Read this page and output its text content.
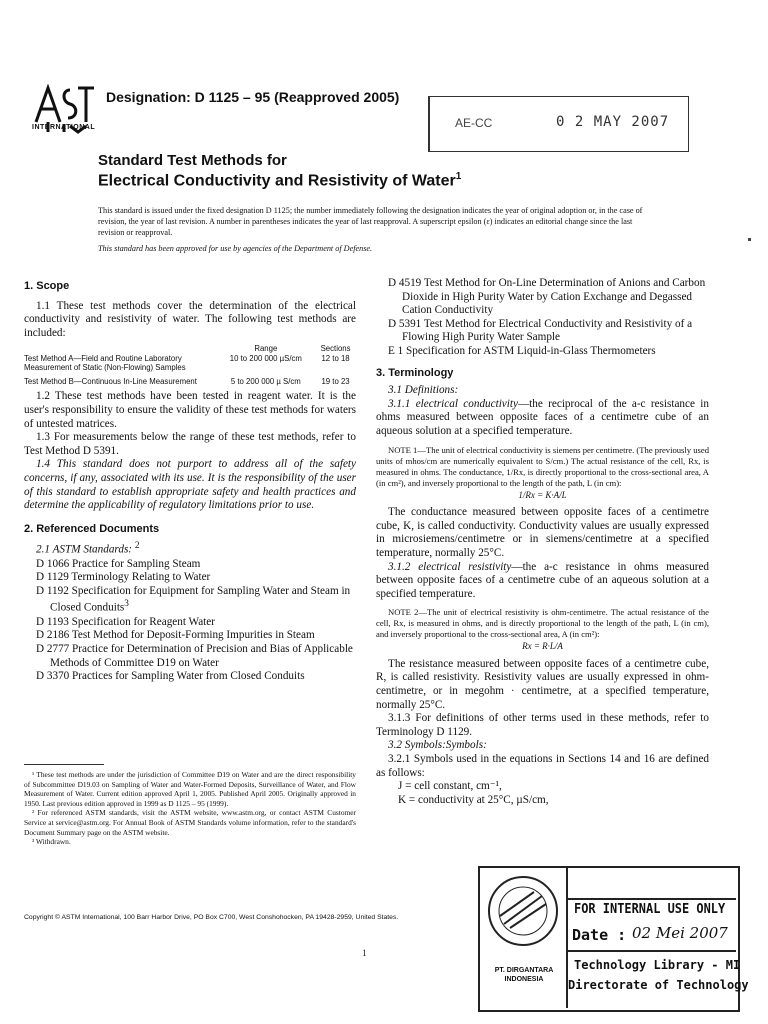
INTERNATIONAL
Designation: D 1125 – 95 (Reapproved 2005)
AE-CC	0 2 MAY 2007
Standard Test Methods for
Electrical Conductivity and Resistivity of Water$^1$
This standard is issued under the fixed designation D 1125; the number immediately following the designation indicates the year of original adoption or, in the case of revision, the year of last revision. A number in parentheses indicates the year of last reapproval. A superscript epsilon (ε) indicates an editorial change since the last revision or reapproval.
This standard has been approved for use by agencies of the Department of Defense.

1. Scope

1.1 These test methods cover the determination of the electrical conductivity and resistivity of water. The following test methods are included:

	Range	Sections
Test Method A—Field and Routine Laboratory Measurement of Static (Non-Flowing) Samples	10 to 200 000 µS/cm	12 to 18
Test Method B—Continuous In-Line Measurement	5 to 200 000 µ S/cm	19 to 23

1.2 These test methods have been tested in reagent water. It is the user's responsibility to ensure the validity of these test methods for waters of untested matrices.

1.3 For measurements below the range of these test methods, refer to Test Method D 5391.

1.4 This standard does not purport to address all of the safety concerns, if any, associated with its use. It is the responsibility of the user of this standard to establish appropriate safety and health practices and determine the applicability of regulatory limitations prior to use.

2. Referenced Documents

2.1 ASTM Standards: $^2$

D 1066 Practice for Sampling Steam

D 1129 Terminology Relating to Water

D 1192 Specification for Equipment for Sampling Water and Steam in Closed Conduits$^3$

D 1193 Specification for Reagent Water

D 2186 Test Method for Deposit-Forming Impurities in Steam

D 2777 Practice for Determination of Precision and Bias of Applicable Methods of Committee D19 on Water

D 3370 Practices for Sampling Water from Closed Conduits

¹ These test methods are under the jurisdiction of Committee D19 on Water and are the direct responsibility of Subcommittee D19.03 on Sampling of Water and Water-Formed Deposits, Surveillance of Water, and Flow Measurement of Water. Current edition approved April 1, 2005. Published April 2005. Originally approved in 1950. Last previous edition approved in 1999 as D 1125 – 95 (1999).

² For referenced ASTM standards, visit the ASTM website, www.astm.org, or contact ASTM Customer Service at service@astm.org. For Annual Book of ASTM Standards volume information, refer to the standard's Document Summary page on the ASTM website.

³ Withdrawn.

D 4519 Test Method for On-Line Determination of Anions and Carbon Dioxide in High Purity Water by Cation Exchange and Degassed Cation Conductivity

D 5391 Test Method for Electrical Conductivity and Resistivity of a Flowing High Purity Water Sample

E 1 Specification for ASTM Liquid-in-Glass Thermometers

3. Terminology

3.1 Definitions:

3.1.1 electrical conductivity—the reciprocal of the a-c resistance in ohms measured between opposite faces of a centimetre cube of an aqueous solution at a specified temperature.

NOTE 1—The unit of electrical conductivity is siemens per centimetre. (The previously used units of mhos/cm are numerically equivalent to S/cm.) The actual resistance of the cell, Rx, is measured in ohms. The conductance, 1/Rx, is directly proportional to the cross-sectional area, A (in cm²), and inversely proportional to the length of the path, L (in cm):

1/Rx = K·A/L

The conductance measured between opposite faces of a centimetre cube, K, is called conductivity. Conductivity values are usually expressed in microsiemens/centimetre or in siemens/centimetre at a specified temperature, normally 25°C.

3.1.2 electrical resistivity—the a-c resistance in ohms measured between opposite faces of a centimetre cube of an aqueous solution at a specified temperature.

NOTE 2—The unit of electrical resistivity is ohm-centimetre. The actual resistance of the cell, Rx, is measured in ohms, and is directly proportional to the length of the path, L (in cm), and inversely proportional to the cross-sectional area, A (in cm²):

Rx = R·L/A

The resistance measured between opposite faces of a centimetre cube, R, is called resistivity. Resistivity values are usually expressed in ohm-centimetre, or in megohm · centimetre, at a specified temperature, normally 25°C.

3.1.3 For definitions of other terms used in these methods, refer to Terminology D 1129.

3.2 Symbols:Symbols:

3.2.1 Symbols used in the equations in Sections 14 and 16 are defined as follows:

J = cell constant, cm⁻¹,

K = conductivity at 25°C, µS/cm,

Copyright © ASTM International, 100 Barr Harbor Drive, PO Box C700, West Conshohocken, PA 19428-2959, United States.
1
PT. DIRGANTARA
INDONESIA
FOR INTERNAL USE ONLY
Date : 02 Mei 2007
Technology Library - MI
Directorate of Technology
